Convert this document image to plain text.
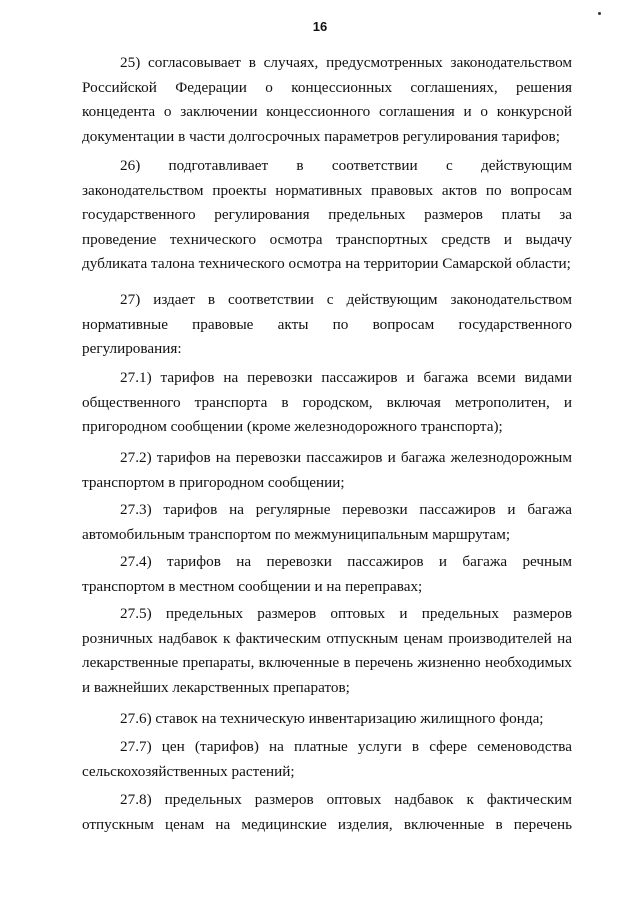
16
25) согласовывает в случаях, предусмотренных законодательством
Российской Федерации о концессионных соглашениях, решения
концедента о заключении концессионного соглашения и о конкурсной
документации в части долгосрочных параметров регулирования тарифов;
26) подготавливает в соответствии с действующим
законодательством проекты нормативных правовых актов по вопросам
государственного регулирования предельных размеров платы за
проведение технического осмотра транспортных средств и выдачу
дубликата талона технического осмотра на территории Самарской области;
27) издает в соответствии с действующим законодательством
нормативные правовые акты по вопросам государственного
регулирования:
27.1) тарифов на перевозки пассажиров и багажа всеми видами
общественного транспорта в городском, включая метрополитен, и
пригородном сообщении (кроме железнодорожного транспорта);
27.2) тарифов на перевозки пассажиров и багажа железнодорожным
транспортом в пригородном сообщении;
27.3) тарифов на регулярные перевозки пассажиров и багажа
автомобильным транспортом по межмуниципальным маршрутам;
27.4) тарифов на перевозки пассажиров и багажа речным
транспортом в местном сообщении и на переправах;
27.5) предельных размеров оптовых и предельных размеров
розничных надбавок к фактическим отпускным ценам производителей на
лекарственные препараты, включенные в перечень жизненно необходимых
и важнейших лекарственных препаратов;
27.6) ставок на техническую инвентаризацию жилищного фонда;
27.7) цен (тарифов) на платные услуги в сфере семеноводства
сельскохозяйственных растений;
27.8) предельных размеров оптовых надбавок к фактическим
отпускным ценам на медицинские изделия, включенные в перечень
